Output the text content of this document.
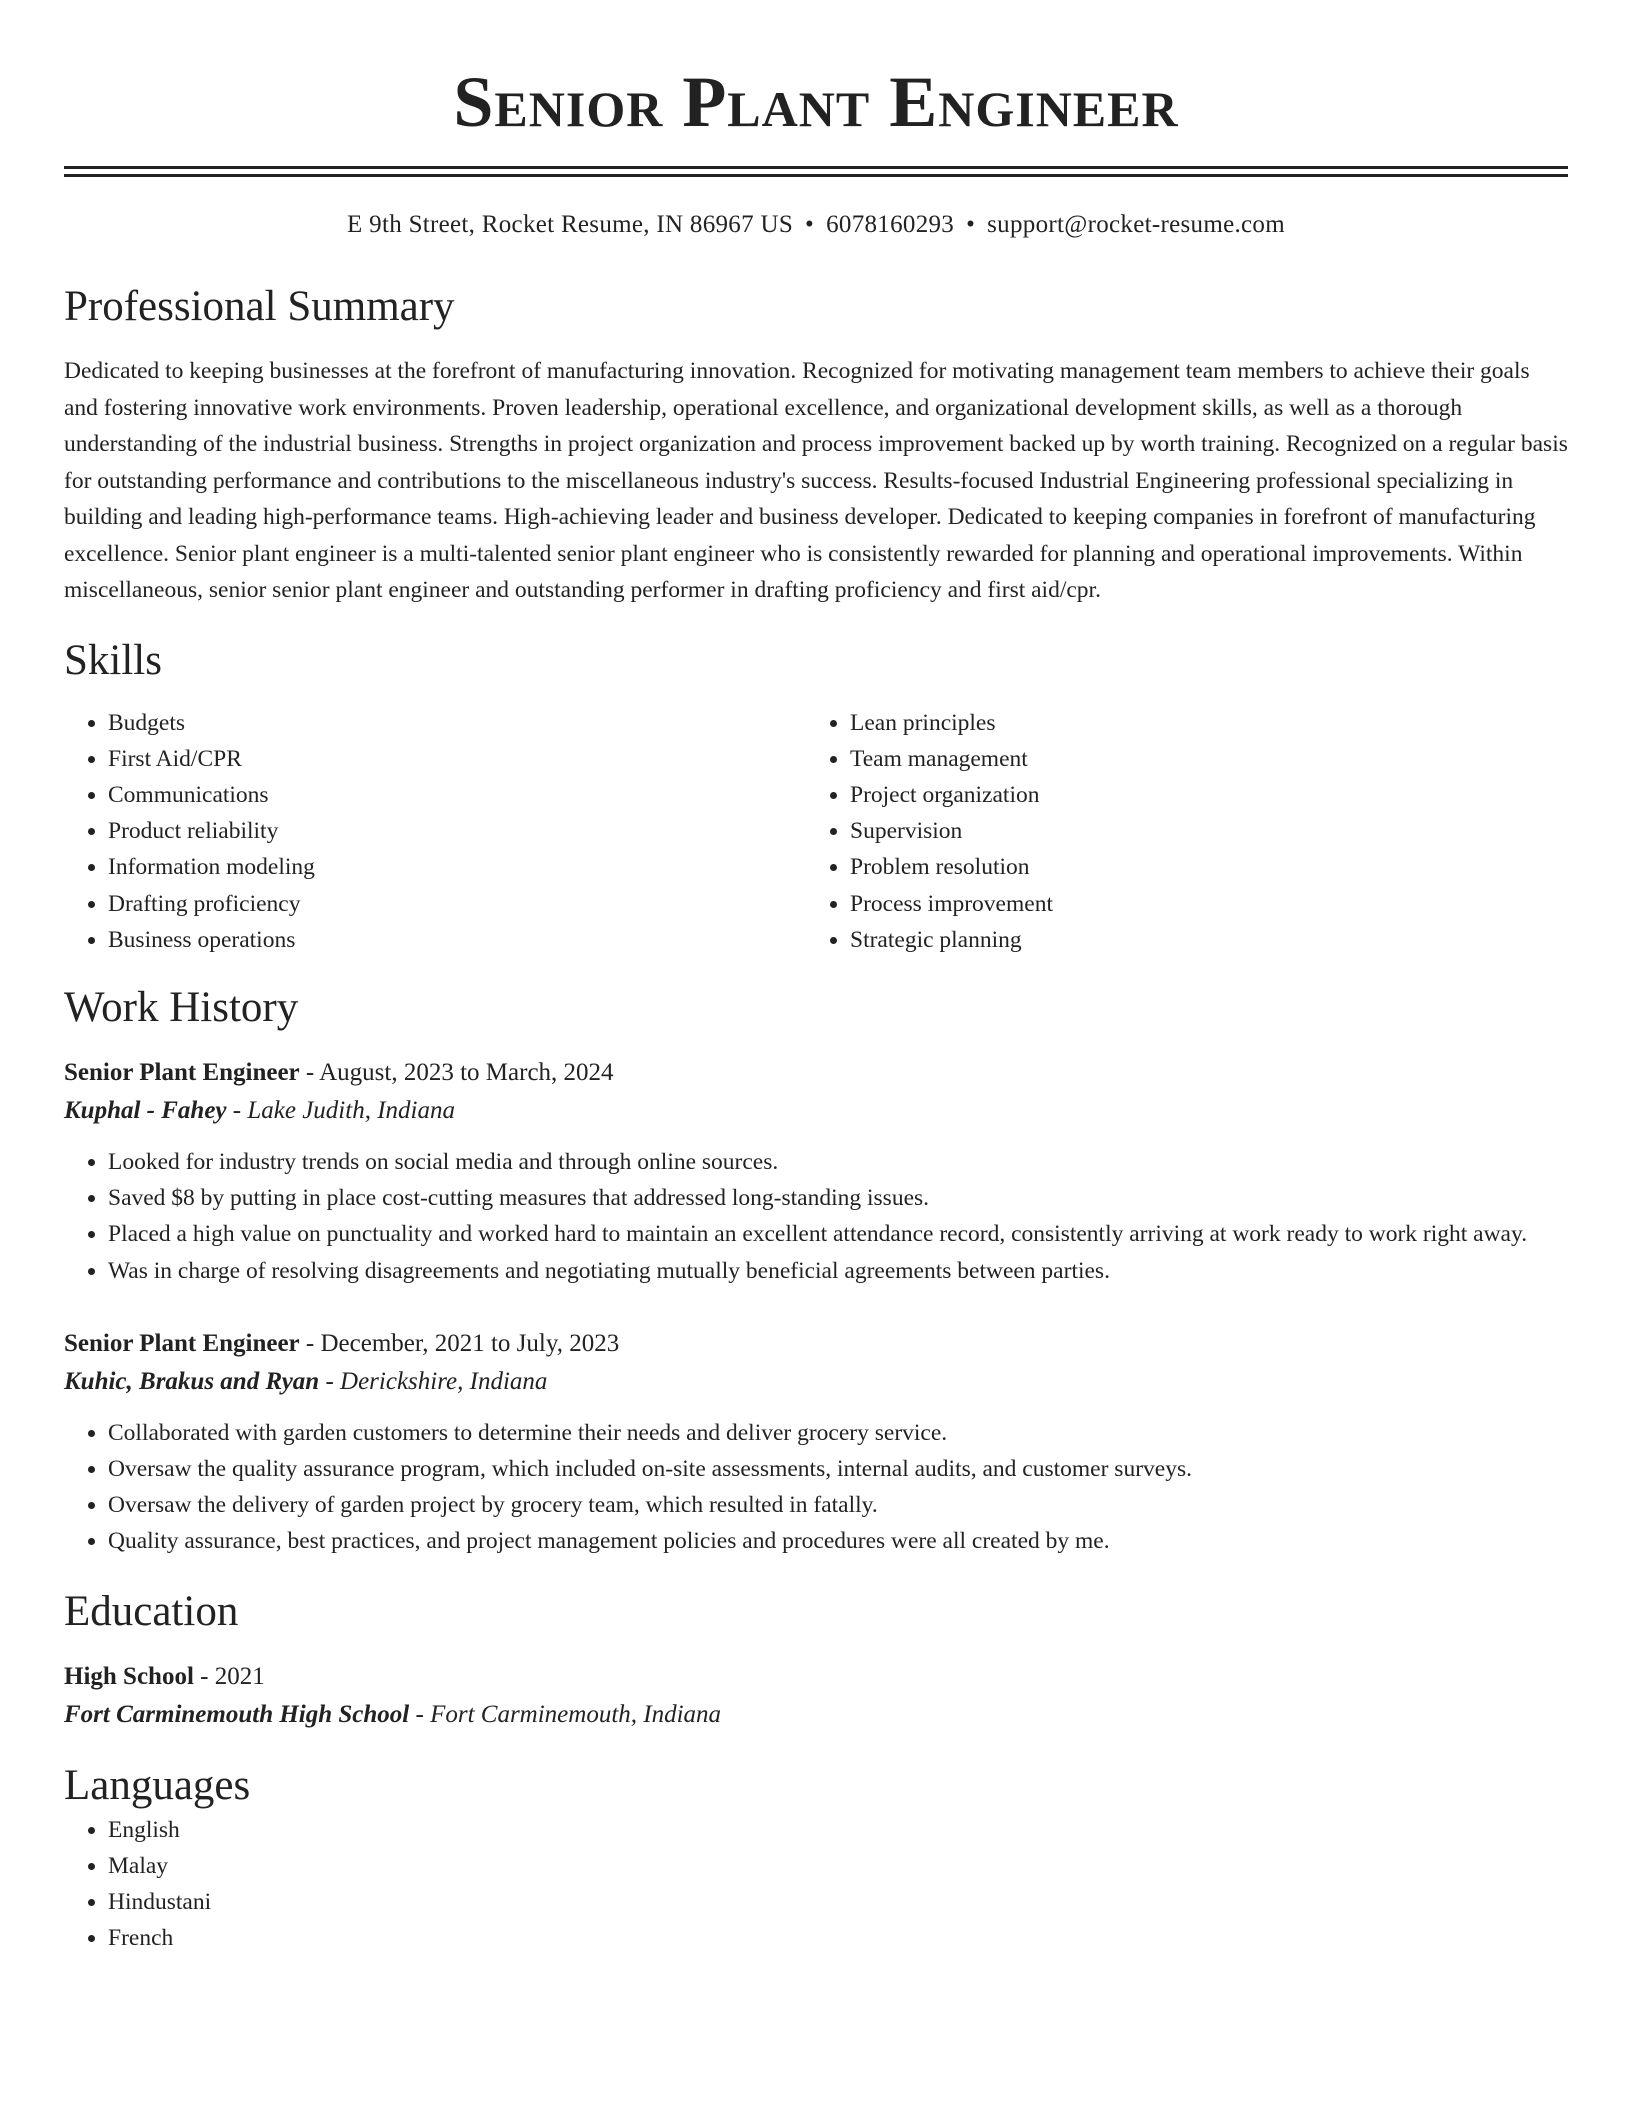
Senior Plant Engineer
E 9th Street, Rocket Resume, IN 86967 US • 6078160293 • support@rocket-resume.com
Professional Summary

Dedicated to keeping businesses at the forefront of manufacturing innovation. Recognized for motivating management team members to achieve their goals and fostering innovative work environments. Proven leadership, operational excellence, and organizational development skills, as well as a thorough understanding of the industrial business. Strengths in project organization and process improvement backed up by worth training. Recognized on a regular basis for outstanding performance and contributions to the miscellaneous industry's success. Results-focused Industrial Engineering professional specializing in building and leading high-performance teams. High-achieving leader and business developer. Dedicated to keeping companies in forefront of manufacturing excellence. Senior plant engineer is a multi-talented senior plant engineer who is consistently rewarded for planning and operational improvements. Within miscellaneous, senior senior plant engineer and outstanding performer in drafting proficiency and first aid/cpr.

Skills
• Budgets
• First Aid/CPR
• Communications
• Product reliability
• Information modeling
• Drafting proficiency
• Business operations
• Lean principles
• Team management
• Project organization
• Supervision
• Problem resolution
• Process improvement
• Strategic planning
Work History
Senior Plant Engineer - August, 2023 to March, 2024
Kuphal - Fahey - Lake Judith, Indiana
• Looked for industry trends on social media and through online sources.
• Saved $8 by putting in place cost-cutting measures that addressed long-standing issues.
• Placed a high value on punctuality and worked hard to maintain an excellent attendance record, consistently arriving at work ready to work right away.
• Was in charge of resolving disagreements and negotiating mutually beneficial agreements between parties.
Senior Plant Engineer - December, 2021 to July, 2023
Kuhic, Brakus and Ryan - Derickshire, Indiana
• Collaborated with garden customers to determine their needs and deliver grocery service.
• Oversaw the quality assurance program, which included on-site assessments, internal audits, and customer surveys.
• Oversaw the delivery of garden project by grocery team, which resulted in fatally.
• Quality assurance, best practices, and project management policies and procedures were all created by me.
Education
High School - 2021
Fort Carminemouth High School - Fort Carminemouth, Indiana
Languages
• English
• Malay
• Hindustani
• French
